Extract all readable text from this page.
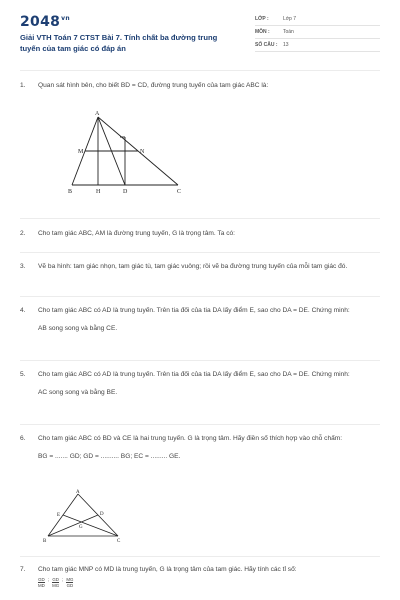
$2048^{vn}$
Giải VTH Toán 7 CTST Bài 7. Tính chất ba đường trung tuyến của tam giác có đáp án
LỚP :	Lớp 7
MÔN :	Toán
SỐ CÂU : 13
1.	Quan sát hình bên, cho biết BD = CD, đường trung tuyến của tam giác ABC là:
A
M	N
B	H	D	C
2.	Cho tam giác ABC, AM là đường trung tuyến, G là trọng tâm. Ta có:
3.	Vẽ ba hình: tam giác nhọn, tam giác tù, tam giác vuông; rồi vẽ ba đường trung tuyến của mỗi tam giác đó.
4.	Cho tam giác ABC có AD là trung tuyến. Trên tia đối của tia DA lấy điểm E, sao cho DA = DE. Chứng minh:
AB song song và bằng CE.
5.	Cho tam giác ABC có AD là trung tuyến. Trên tia đối của tia DA lấy điểm E, sao cho DA = DE. Chứng minh:
AC song song và bằng BE.
6.	Cho tam giác ABC có BD và CE là hai trung tuyến. G là trọng tâm. Hãy điền số thích hợp vào chỗ chấm:
BG = ....... GD; GD = .......... BG; EC = ......... GE.
A
E	D
G
B	C
7.	Cho tam giác MNP có MD là trung tuyến, G là trọng tâm của tam giác. Hãy tính các tỉ số:
$\frac{GD}{MD}$ ; $\frac{GD}{MG}$ ; $\frac{MG}{GD}$
